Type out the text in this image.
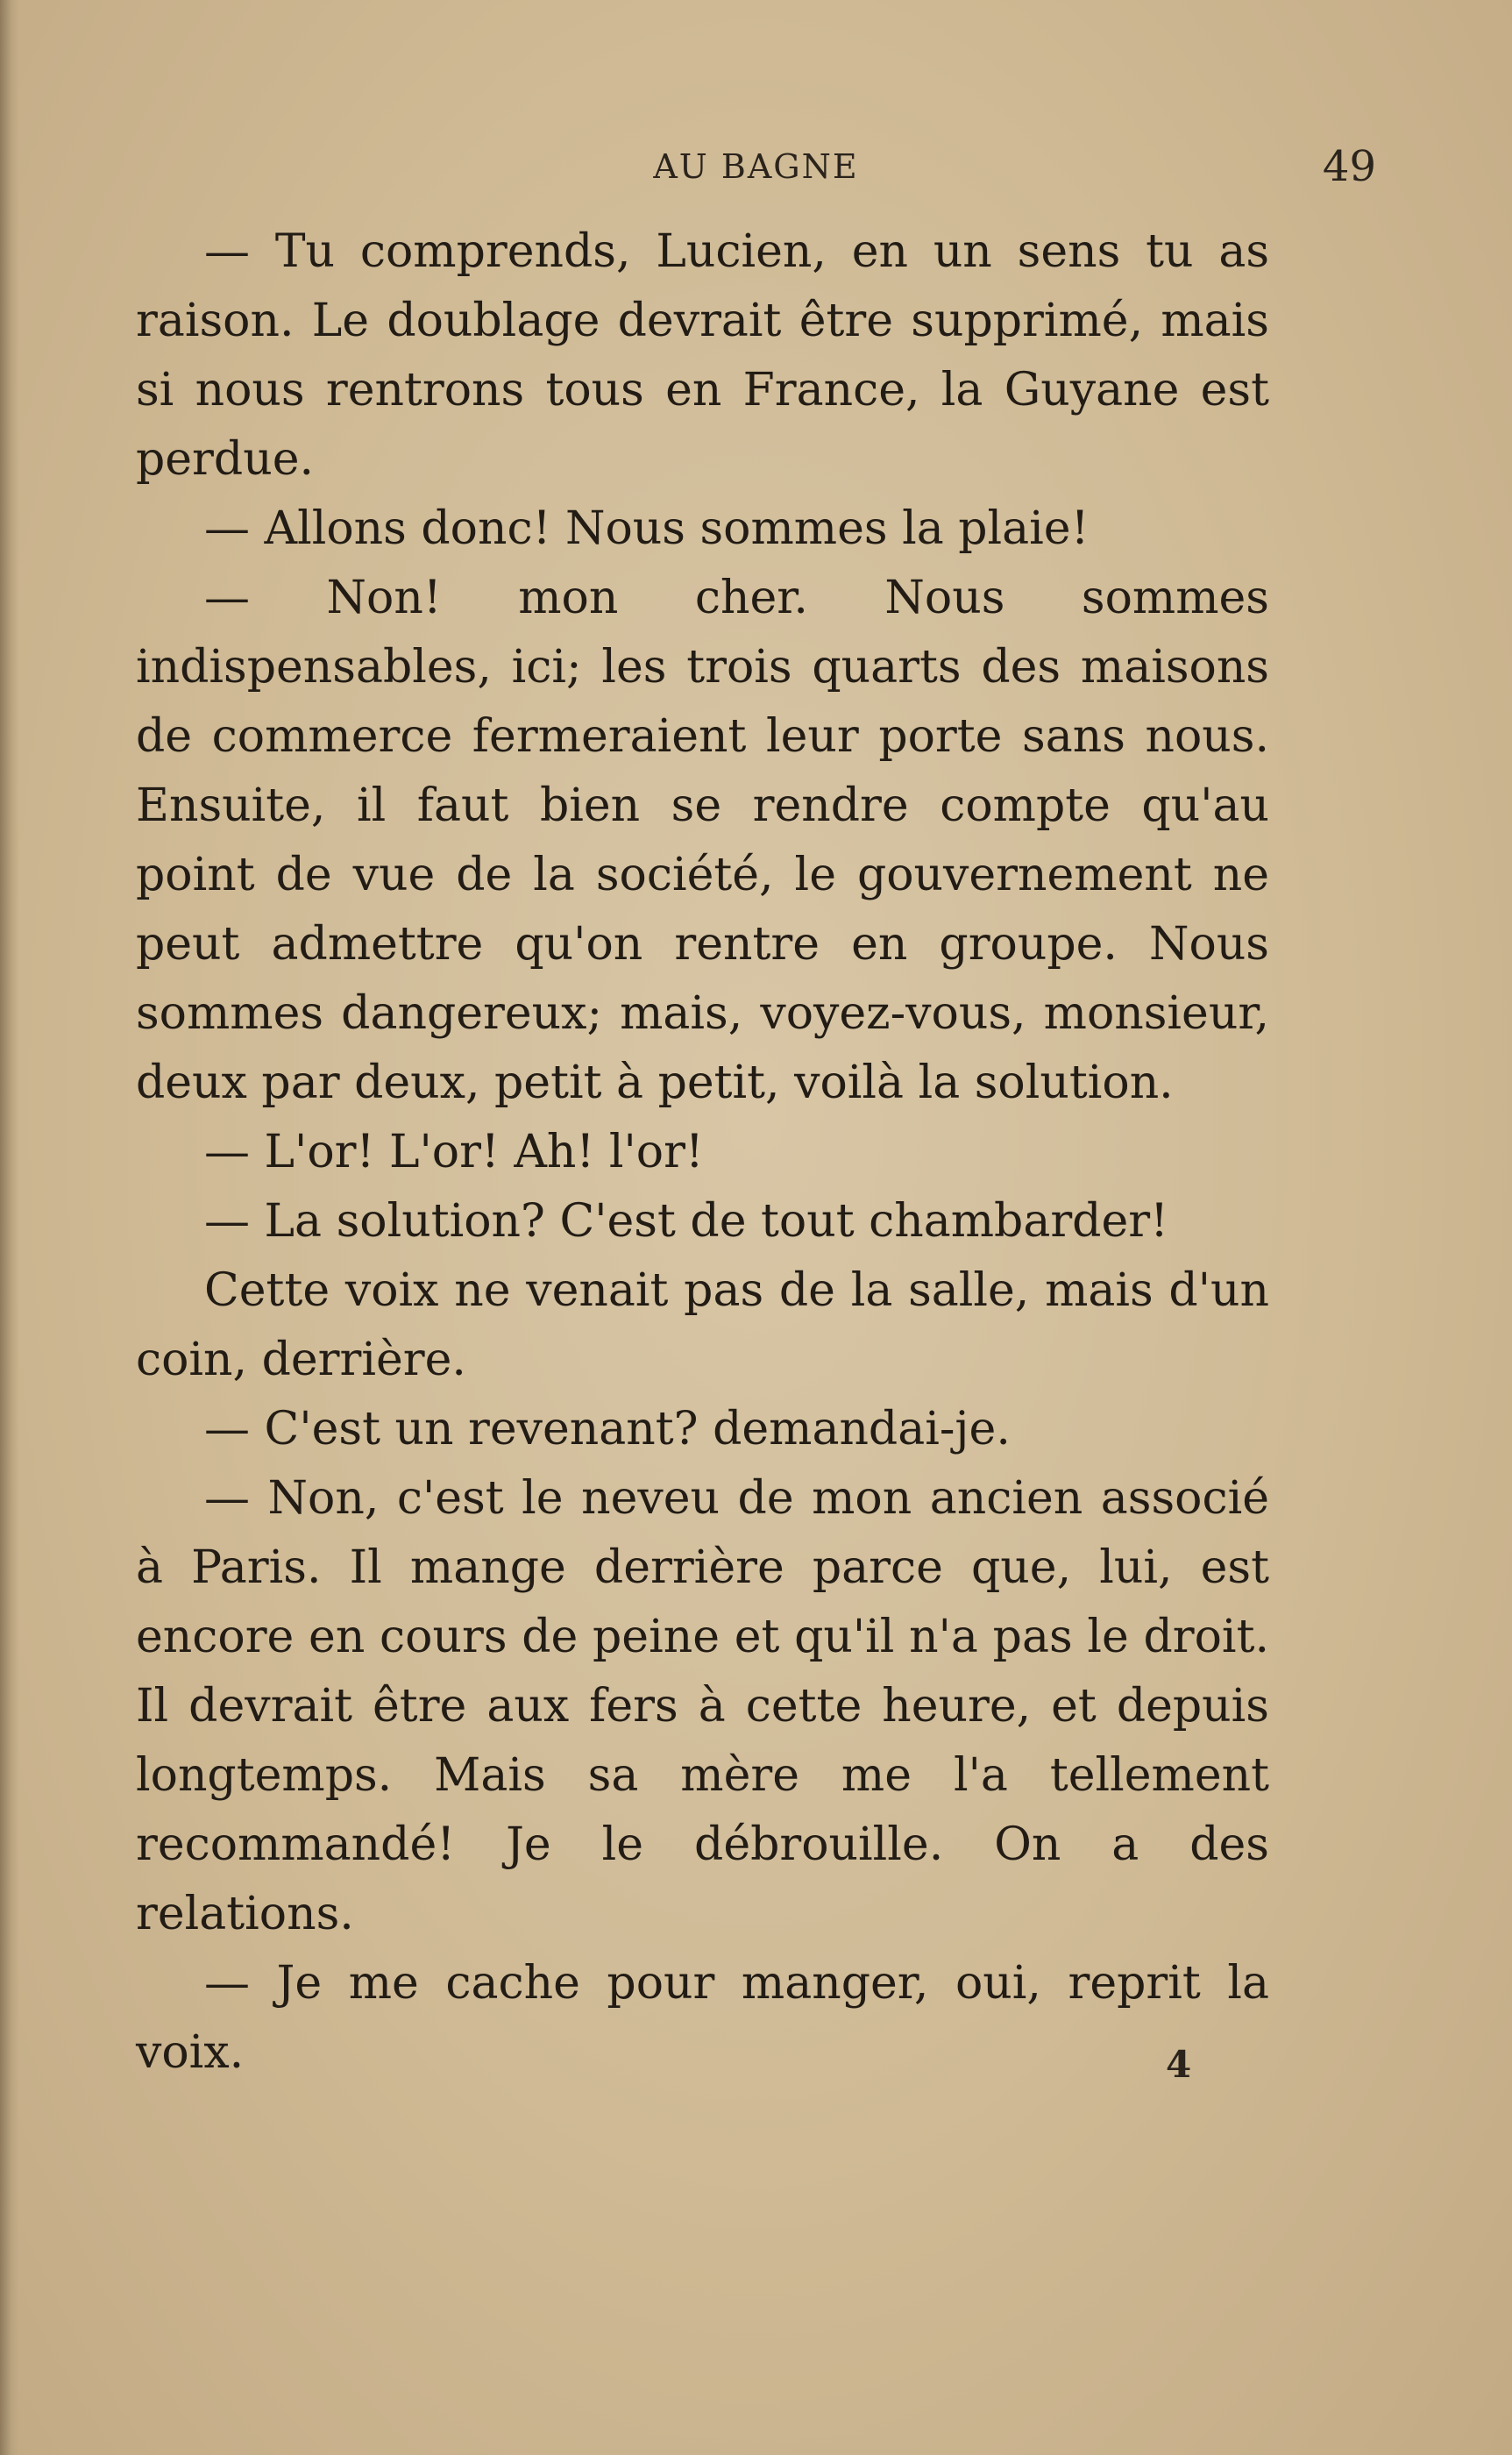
AU BAGNE	49

— Tu comprends, Lucien, en un sens tu as raison. Le doublage devrait être supprimé, mais si nous rentrons tous en France, la Guyane est perdue.

— Allons donc! Nous sommes la plaie!

— Non! mon cher. Nous sommes indispensables, ici; les trois quarts des maisons de commerce fermeraient leur porte sans nous. Ensuite, il faut bien se rendre compte qu'au point de vue de la société, le gouvernement ne peut admettre qu'on rentre en groupe. Nous sommes dangereux; mais, voyez-vous, monsieur, deux par deux, petit à petit, voilà la solution.

— L'or! L'or! Ah! l'or!

— La solution? C'est de tout chambarder!

Cette voix ne venait pas de la salle, mais d'un coin, derrière.

— C'est un revenant? demandai-je.

— Non, c'est le neveu de mon ancien associé à Paris. Il mange derrière parce que, lui, est encore en cours de peine et qu'il n'a pas le droit. Il devrait être aux fers à cette heure, et depuis longtemps. Mais sa mère me l'a tellement recommandé! Je le débrouille. On a des relations.

— Je me cache pour manger, oui, reprit la voix.	4
